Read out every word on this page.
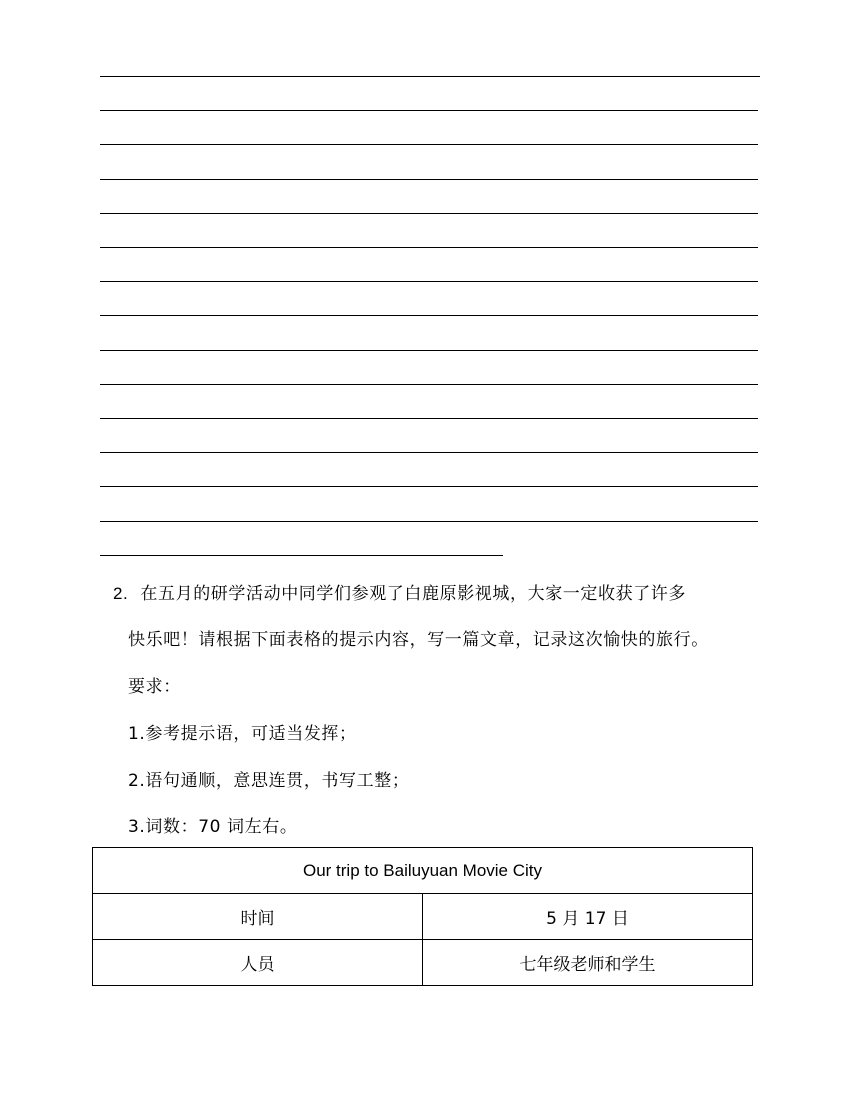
2. 在五月的研学活动中同学们参观了白鹿原影视城，大家一定收获了许多
快乐吧！请根据下面表格的提示内容，写一篇文章，记录这次愉快的旅行。
要求：
1.参考提示语，可适当发挥；
2.语句通顺，意思连贯，书写工整；
3.词数：70 词左右。
Our trip to Bailuyuan Movie City	
时间	5 月 17 日
人员	七年级老师和学生
